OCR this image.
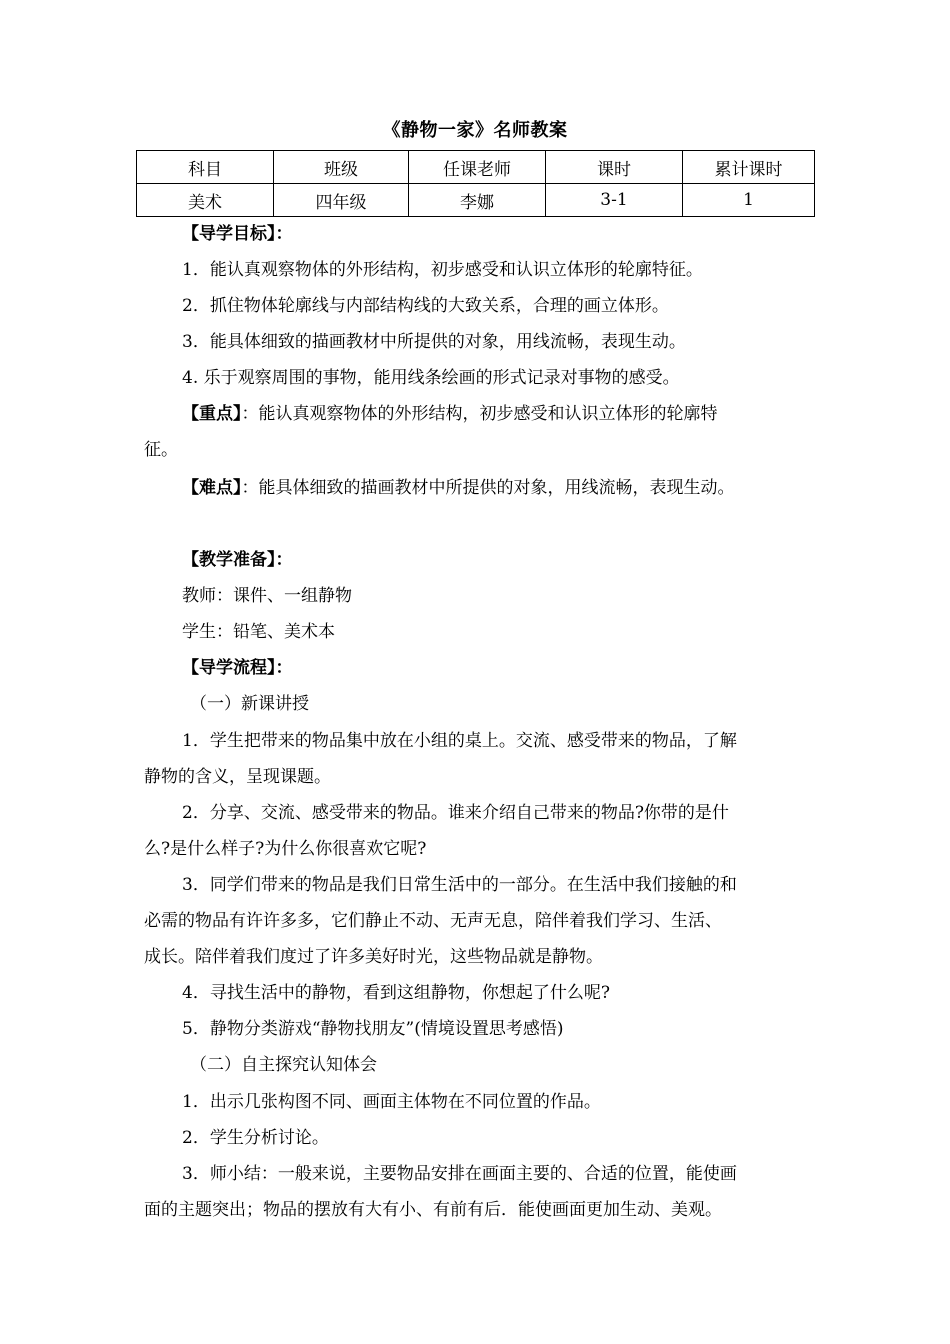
《静物一家》名师教案
科目	班级	任课老师	课时	累计课时
美术	四年级	李娜	3-1	1
【导学目标】：
1．能认真观察物体的外形结构，初步感受和认识立体形的轮廓特征。
2．抓住物体轮廓线与内部结构线的大致关系，合理的画立体形。
3．能具体细致的描画教材中所提供的对象，用线流畅，表现生动。
4. 乐于观察周围的事物，能用线条绘画的形式记录对事物的感受。
【重点】：能认真观察物体的外形结构，初步感受和认识立体形的轮廓特
征。
【难点】：能具体细致的描画教材中所提供的对象，用线流畅，表现生动。
【教学准备】：
教师：课件、一组静物
学生：铅笔、美术本
【导学流程】：
（一）新课讲授
1．学生把带来的物品集中放在小组的桌上。交流、感受带来的物品，了解
静物的含义，呈现课题。
2．分享、交流、感受带来的物品。谁来介绍自己带来的物品?你带的是什
么?是什么样子?为什么你很喜欢它呢?
3．同学们带来的物品是我们日常生活中的一部分。在生活中我们接触的和
必需的物品有许许多多，它们静止不动、无声无息，陪伴着我们学习、生活、
成长。陪伴着我们度过了许多美好时光，这些物品就是静物。
4．寻找生活中的静物，看到这组静物，你想起了什么呢?
5．静物分类游戏“静物找朋友”(情境设置思考感悟)
（二）自主探究认知体会
1．出示几张构图不同、画面主体物在不同位置的作品。
2．学生分析讨论。
3．师小结：一般来说，主要物品安排在画面主要的、合适的位置，能使画
面的主题突出；物品的摆放有大有小、有前有后．能使画面更加生动、美观。
